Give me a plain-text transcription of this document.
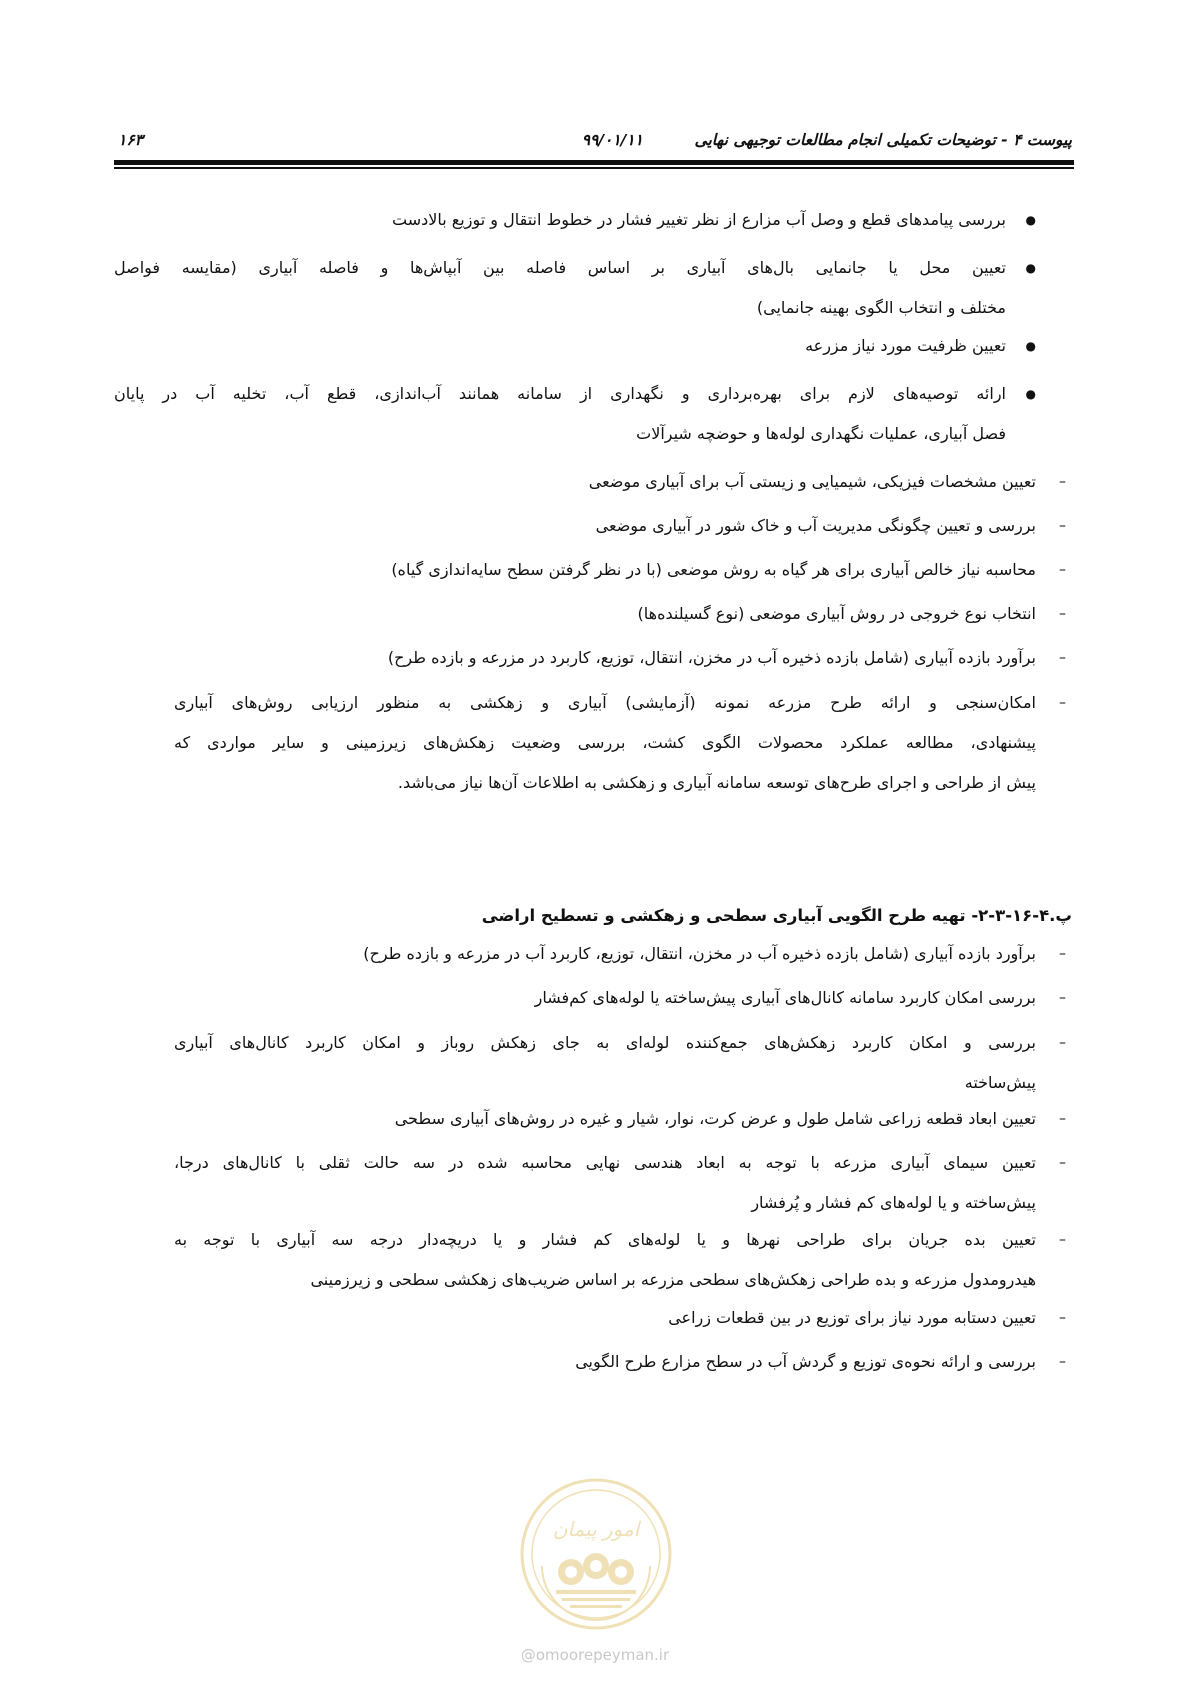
پیوست ۴ - توضیحات تکمیلی انجام مطالعات توجیهی نهایی
۹۹/۰۱/۱۱
۱۶۳
●
بررسی پیامدهای قطع و وصل آب مزارع از نظر تغییر فشار در خطوط انتقال و توزیع بالادست
●
تعیین محل یا جانمایی بال‌های آبیاری بر اساس فاصله بین آبپاش‌ها و فاصله آبیاری (مقایسه فواصل
مختلف و انتخاب الگوی بهینه جانمایی)
●
تعیین ظرفیت مورد نیاز مزرعه
●
ارائه توصیه‌های لازم برای بهره‌برداری و نگهداری از سامانه همانند آب‌اندازی، قطع آب، تخلیه آب در پایان
فصل آبیاری، عملیات نگهداری لوله‌ها و حوضچه شیرآلات
–
تعیین مشخصات فیزیکی، شیمیایی و زیستی آب برای آبیاری موضعی
–
بررسی و تعیین چگونگی مدیریت آب و خاک شور در آبیاری موضعی
–
محاسبه نیاز خالص آبیاری برای هر گیاه به روش موضعی (با در نظر گرفتن سطح سایه‌اندازی گیاه)
–
انتخاب نوع خروجی در روش آبیاری موضعی (نوع گسیلنده‌ها)
–
برآورد بازده آبیاری (شامل بازده ذخیره آب در مخزن، انتقال، توزیع، کاربرد در مزرعه و بازده طرح)
–
امکان‌سنجی و ارائه طرح مزرعه نمونه (آزمایشی) آبیاری و زهکشی به منظور ارزیابی روش‌های آبیاری
پیشنهادی، مطالعه عملکرد محصولات الگوی کشت، بررسی وضعیت زهکش‌های زیرزمینی و سایر مواردی که
پیش از طراحی و اجرای طرح‌های توسعه سامانه آبیاری و زهکشی به اطلاعات آن‌ها نیاز می‌باشد.
–
برآورد بازده آبیاری (شامل بازده ذخیره آب در مخزن، انتقال، توزیع، کاربرد آب در مزرعه و بازده طرح)
–
بررسی امکان کاربرد سامانه کانال‌های آبیاری پیش‌ساخته یا لوله‌های کم‌فشار
–
بررسی و امکان کاربرد زهکش‌های جمع‌کننده لوله‌ای به جای زهکش روباز و امکان کاربرد کانال‌های آبیاری
پیش‌ساخته
–
تعیین ابعاد قطعه زراعی شامل طول و عرض کرت، نوار، شیار و غیره در روش‌های آبیاری سطحی
–
تعیین سیمای آبیاری مزرعه با توجه به ابعاد هندسی نهایی محاسبه شده در سه حالت ثقلی با کانال‌های درجا،
پیش‌ساخته و یا لوله‌های کم فشار و پُرفشار
–
تعیین بده جریان برای طراحی نهرها و یا لوله‌های کم فشار و یا دریچه‌دار درجه سه آبیاری با توجه به
هیدرومدول مزرعه و بده طراحی زهکش‌های سطحی مزرعه بر اساس ضریب‌های زهکشی سطحی و زیرزمینی
–
تعیین دستابه مورد نیاز برای توزیع در بین قطعات زراعی
–
بررسی و ارائه نحوه‌ی توزیع و گردش آب در سطح مزارع طرح الگویی
پ.۴-۱۶-۳-۲- تهیه طرح الگویی آبیاری سطحی و زهکشی و تسطیح اراضی
امور پیمان
@omoorepeyman.ir
